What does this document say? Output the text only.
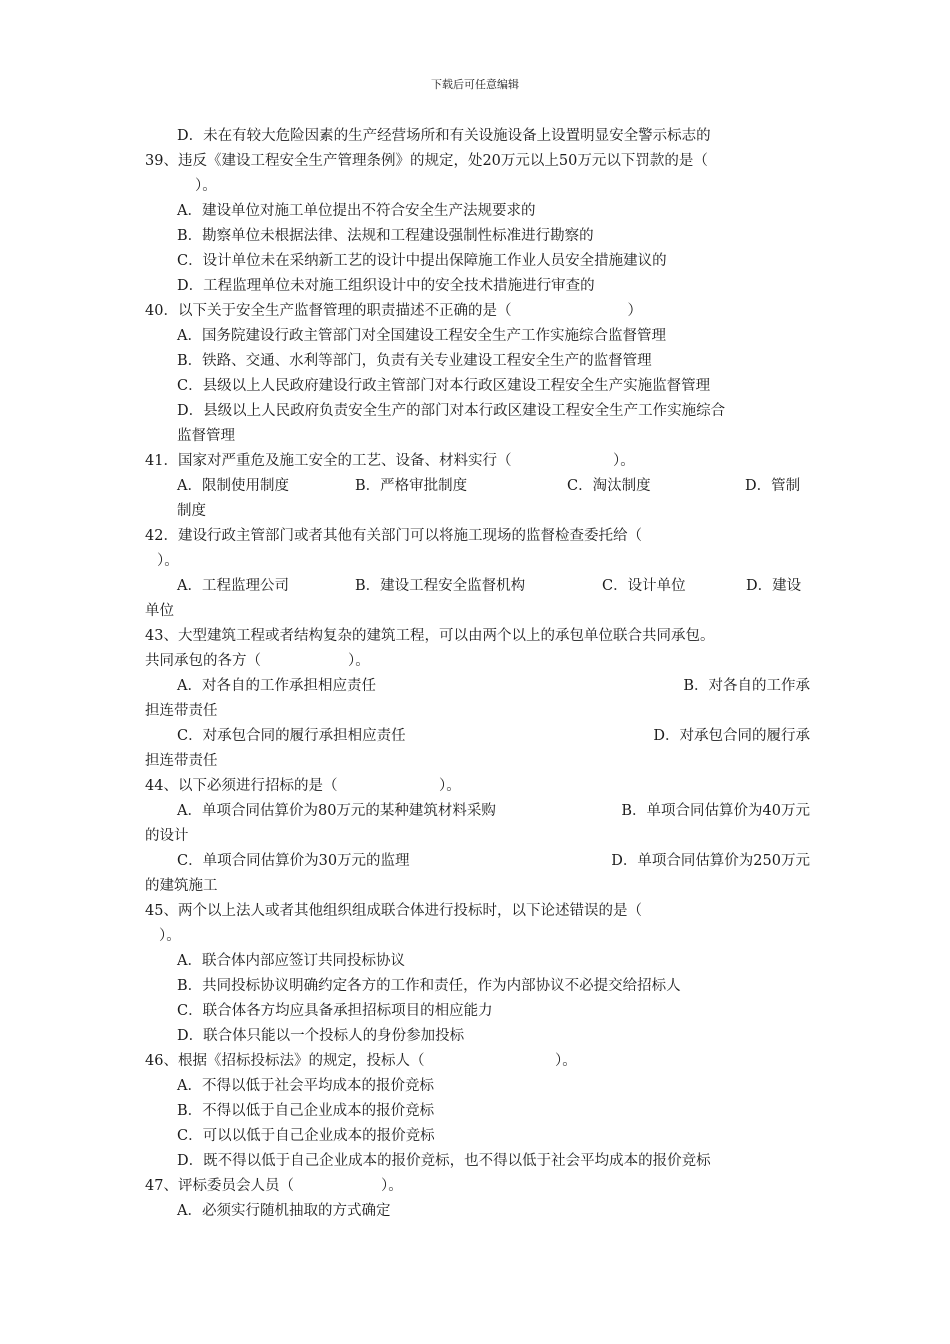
下载后可任意编辑
D．未在有较大危险因素的生产经营场所和有关设施设备上设置明显安全警示标志的
39、违反《建设工程安全生产管理条例》的规定，处20万元以上50万元以下罚款的是（
）。
A．建设单位对施工单位提出不符合安全生产法规要求的
B．勘察单位未根据法律、法规和工程建设强制性标准进行勘察的
C．设计单位未在采纳新工艺的设计中提出保障施工作业人员安全措施建议的
D．工程监理单位未对施工组织设计中的安全技术措施进行审查的
40．以下关于安全生产监督管理的职责描述不正确的是（　　　　　　　　）
A．国务院建设行政主管部门对全国建设工程安全生产工作实施综合监督管理
B．铁路、交通、水利等部门，负责有关专业建设工程安全生产的监督管理
C．县级以上人民政府建设行政主管部门对本行政区建设工程安全生产实施监督管理
D．县级以上人民政府负责安全生产的部门对本行政区建设工程安全生产工作实施综合
监督管理
41．国家对严重危及施工安全的工艺、设备、材料实行（　　　　　　　）。
A．限制使用制度	B．严格审批制度	C．淘汰制度	D．管制
制度
42．建设行政主管部门或者其他有关部门可以将施工现场的监督检查委托给（
）。
A．工程监理公司	B．建设工程安全监督机构	C．设计单位	D．建设
单位
43、大型建筑工程或者结构复杂的建筑工程，可以由两个以上的承包单位联合共同承包。
共同承包的各方（　　　　　　）。
A．对各自的工作承担相应责任	B．对各自的工作承
担连带责任
C．对承包合同的履行承担相应责任	D．对承包合同的履行承
担连带责任
44、以下必须进行招标的是（　　　　　　　）。
A．单项合同估算价为80万元的某种建筑材料采购	B．单项合同估算价为40万元
的设计
C．单项合同估算价为30万元的监理	D．单项合同估算价为250万元
的建筑施工
45、两个以上法人或者其他组织组成联合体进行投标时，以下论述错误的是（
）。
A．联合体内部应签订共同投标协议
B．共同投标协议明确约定各方的工作和责任，作为内部协议不必提交给招标人
C．联合体各方均应具备承担招标项目的相应能力
D．联合体只能以一个投标人的身份参加投标
46、根据《招标投标法》的规定，投标人（　　　　　　　　　）。
A．不得以低于社会平均成本的报价竞标
B．不得以低于自己企业成本的报价竞标
C．可以以低于自己企业成本的报价竞标
D．既不得以低于自己企业成本的报价竞标，也不得以低于社会平均成本的报价竞标
47、评标委员会人员（　　　　　　）。
A．必须实行随机抽取的方式确定
